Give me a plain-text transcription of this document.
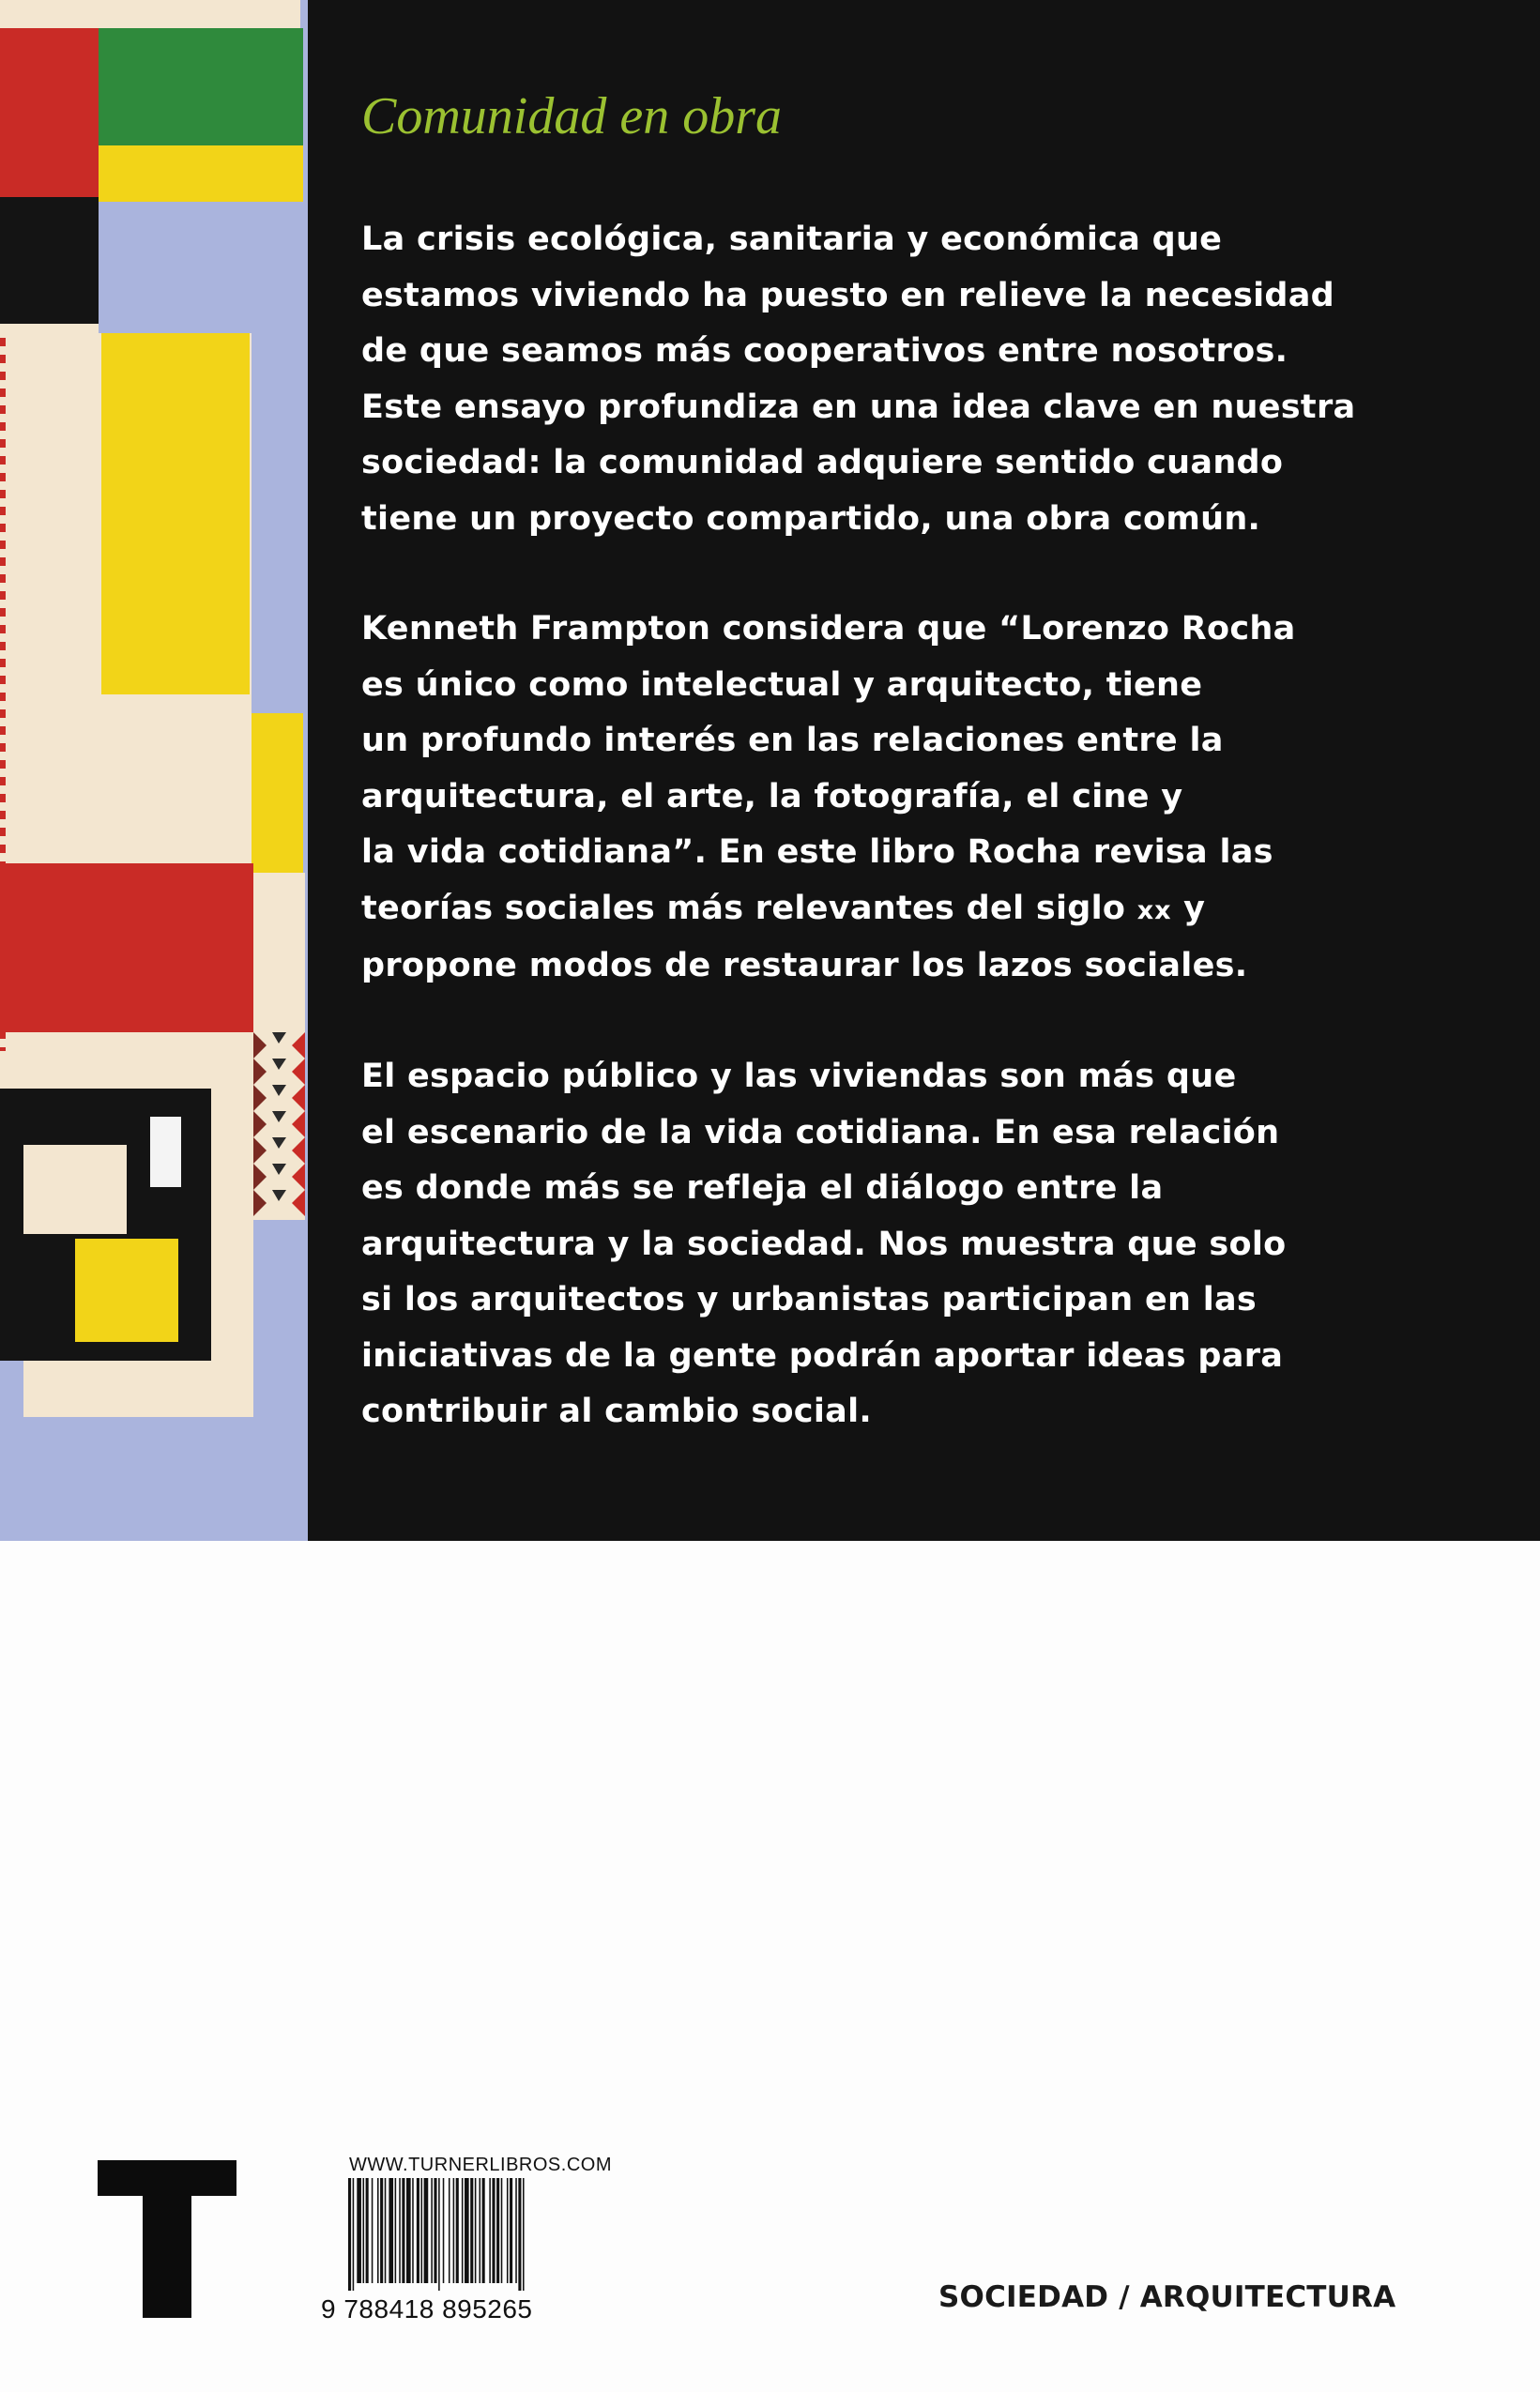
Comunidad en obra

La crisis ecológica, sanitaria y económica que
estamos viviendo ha puesto en relieve la necesidad
de que seamos más cooperativos entre nosotros.
Este ensayo profundiza en una idea clave en nuestra
sociedad: la comunidad adquiere sentido cuando
tiene un proyecto compartido, una obra común.

Kenneth Frampton considera que “Lorenzo Rocha
es único como intelectual y arquitecto, tiene
un profundo interés en las relaciones entre la
arquitectura, el arte, la fotografía, el cine y
la vida cotidiana”. En este libro Rocha revisa las
teorías sociales más relevantes del siglo xx y
propone modos de restaurar los lazos sociales.

El espacio público y las viviendas son más que
el escenario de la vida cotidiana. En esa relación
es donde más se refleja el diálogo entre la
arquitectura y la sociedad. Nos muestra que solo
si los arquitectos y urbanistas participan en las
iniciativas de la gente podrán aportar ideas para
contribuir al cambio social.

WWW.TURNERLIBROS.COM
9 788418 895265	SOCIEDAD / ARQUITECTURA
